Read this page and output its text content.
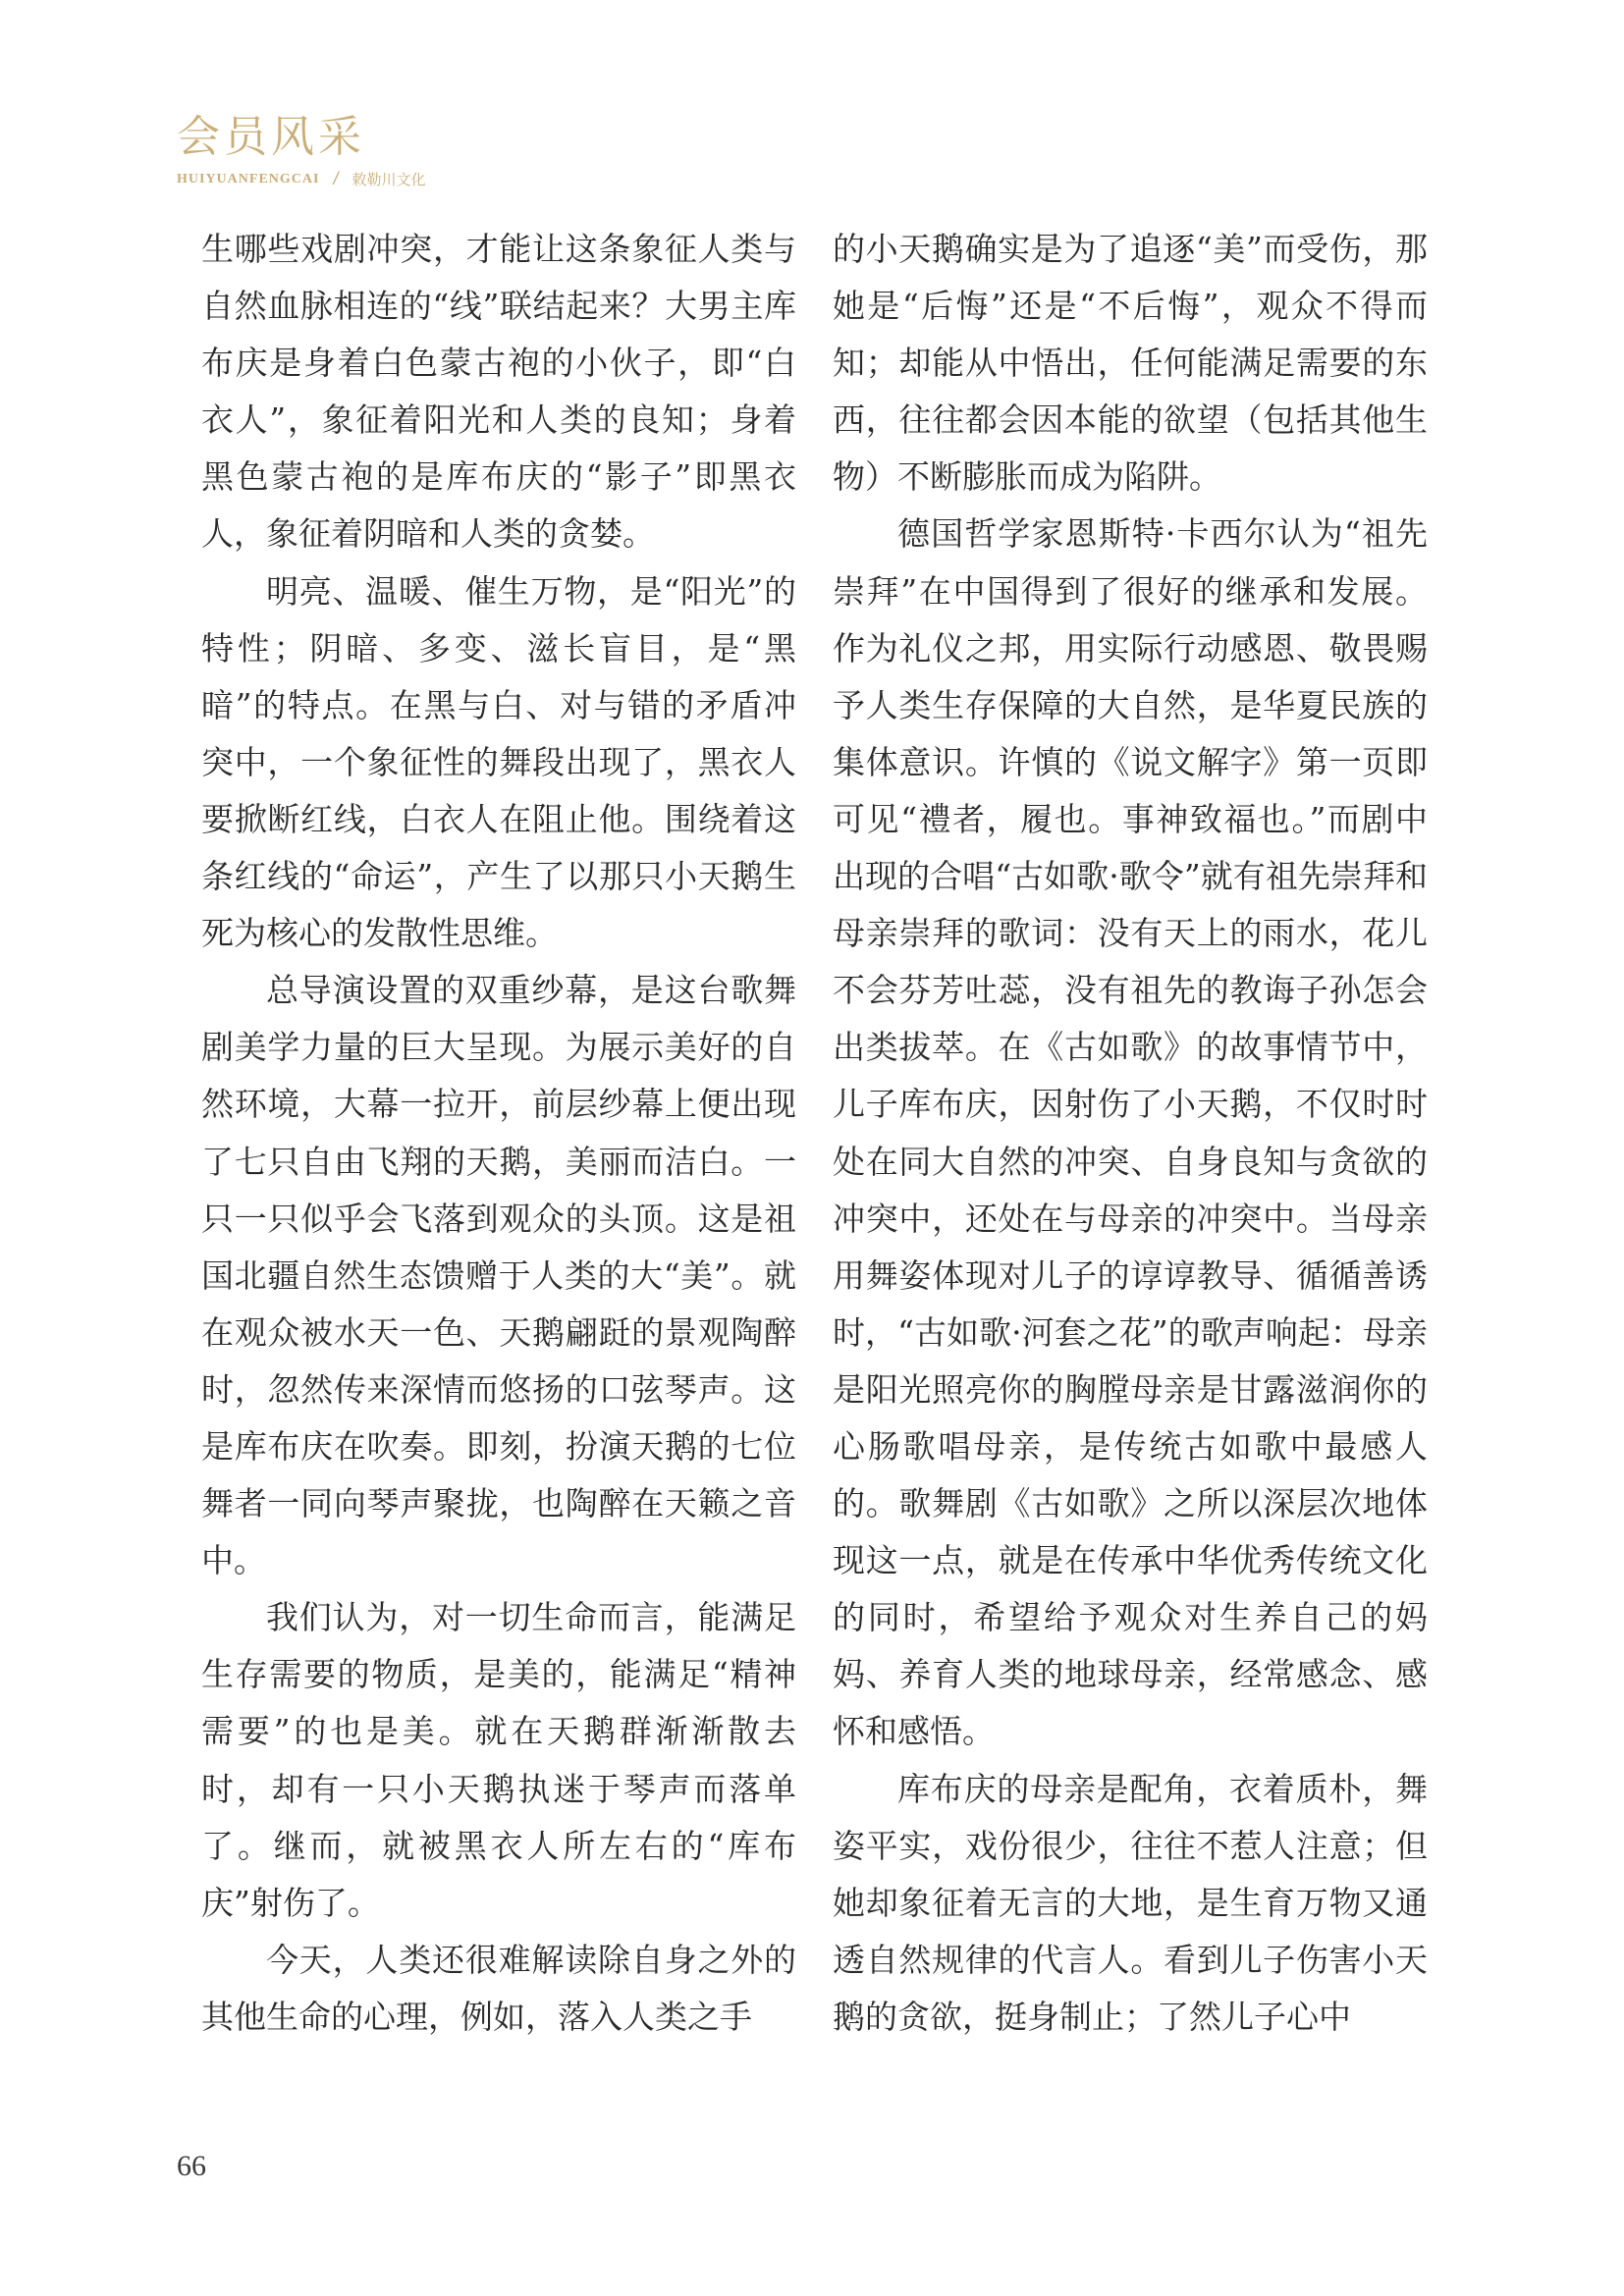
会员风采
HUIYUANFENGCAI / 敕勒川文化

生哪些戏剧冲突，才能让这条象征人类与自然血脉相连的“线”联结起来？大男主库布庆是身着白色蒙古袍的小伙子，即“白衣人”，象征着阳光和人类的良知；身着黑色蒙古袍的是库布庆的“影子”即黑衣人，象征着阴暗和人类的贪婪。

明亮、温暖、催生万物，是“阳光”的特性；阴暗、多变、滋长盲目，是“黑暗”的特点。在黑与白、对与错的矛盾冲突中，一个象征性的舞段出现了，黑衣人要掀断红线，白衣人在阻止他。围绕着这条红线的“命运”，产生了以那只小天鹅生死为核心的发散性思维。

总导演设置的双重纱幕，是这台歌舞剧美学力量的巨大呈现。为展示美好的自然环境，大幕一拉开，前层纱幕上便出现了七只自由飞翔的天鹅，美丽而洁白。一只一只似乎会飞落到观众的头顶。这是祖国北疆自然生态馈赠于人类的大“美”。就在观众被水天一色、天鹅翩跹的景观陶醉时，忽然传来深情而悠扬的口弦琴声。这是库布庆在吹奏。即刻，扮演天鹅的七位舞者一同向琴声聚拢，也陶醉在天籁之音中。

我们认为，对一切生命而言，能满足生存需要的物质，是美的，能满足“精神需要”的也是美。就在天鹅群渐渐散去时，却有一只小天鹅执迷于琴声而落单了。继而，就被黑衣人所左右的“库布庆”射伤了。

今天，人类还很难解读除自身之外的其他生命的心理，例如，落入人类之手

的小天鹅确实是为了追逐“美”而受伤，那她是“后悔”还是“不后悔”，观众不得而知；却能从中悟出，任何能满足需要的东西，往往都会因本能的欲望（包括其他生物）不断膨胀而成为陷阱。

德国哲学家恩斯特·卡西尔认为“祖先崇拜”在中国得到了很好的继承和发展。作为礼仪之邦，用实际行动感恩、敬畏赐予人类生存保障的大自然，是华夏民族的集体意识。许慎的《说文解字》第一页即可见“禮者，履也。事神致福也。”而剧中出现的合唱“古如歌·歌令”就有祖先崇拜和母亲崇拜的歌词：没有天上的雨水，花儿不会芬芳吐蕊，没有祖先的教诲子孙怎会出类拔萃。在《古如歌》的故事情节中，儿子库布庆，因射伤了小天鹅，不仅时时处在同大自然的冲突、自身良知与贪欲的冲突中，还处在与母亲的冲突中。当母亲用舞姿体现对儿子的谆谆教导、循循善诱时，“古如歌·河套之花”的歌声响起：母亲是阳光照亮你的胸膛母亲是甘露滋润你的心肠歌唱母亲，是传统古如歌中最感人的。歌舞剧《古如歌》之所以深层次地体现这一点，就是在传承中华优秀传统文化的同时，希望给予观众对生养自己的妈妈、养育人类的地球母亲，经常感念、感怀和感悟。

库布庆的母亲是配角，衣着质朴，舞姿平实，戏份很少，往往不惹人注意；但她却象征着无言的大地，是生育万物又通透自然规律的代言人。看到儿子伤害小天鹅的贪欲，挺身制止；了然儿子心中

66
